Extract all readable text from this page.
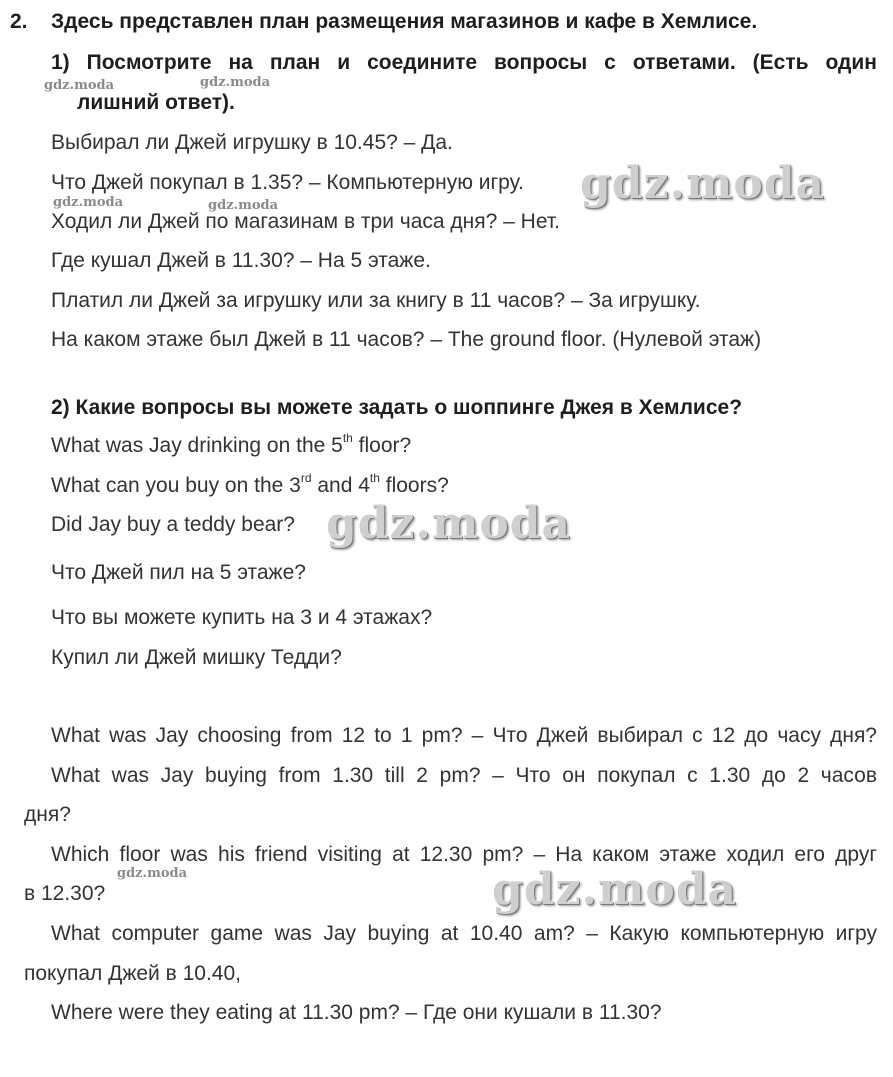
2. Здесь представлен план размещения магазинов и кафе в Хемлисе.
1) Посмотрите на план и соедините вопросы с ответами. (Есть один
лишний ответ).
Выбирал ли Джей игрушку в 10.45? – Да.
Что Джей покупал в 1.35? – Компьютерную игру.
Ходил ли Джей по магазинам в три часа дня? – Нет.
Где кушал Джей в 11.30? – На 5 этаже.
Платил ли Джей за игрушку или за книгу в 11 часов? – За игрушку.
На каком этаже был Джей в 11 часов? – The ground floor. (Нулевой этаж)
2) Какие вопросы вы можете задать о шоппинге Джея в Хемлисе?
What was Jay drinking on the 5th floor?
What can you buy on the 3rd and 4th floors?
Did Jay buy a teddy bear?
Что Джей пил на 5 этаже?
Что вы можете купить на 3 и 4 этажах?
Купил ли Джей мишку Тедди?
What was Jay choosing from 12 to 1 pm? – Что Джей выбирал с 12 до часу дня?
What was Jay buying from 1.30 till 2 pm? – Что он покупал с 1.30 до 2 часов
дня?
Which floor was his friend visiting at 12.30 pm? – На каком этаже ходил его друг
в 12.30?
What computer game was Jay buying at 10.40 am? – Какую компьютерную игру
покупал Джей в 10.40,
Where were they eating at 11.30 pm? – Где они кушали в 11.30?
gdz.moda	gdz.moda
gdz.moda	gdz.moda
gdz.moda
gdz.moda
gdz.moda
gdz.moda
